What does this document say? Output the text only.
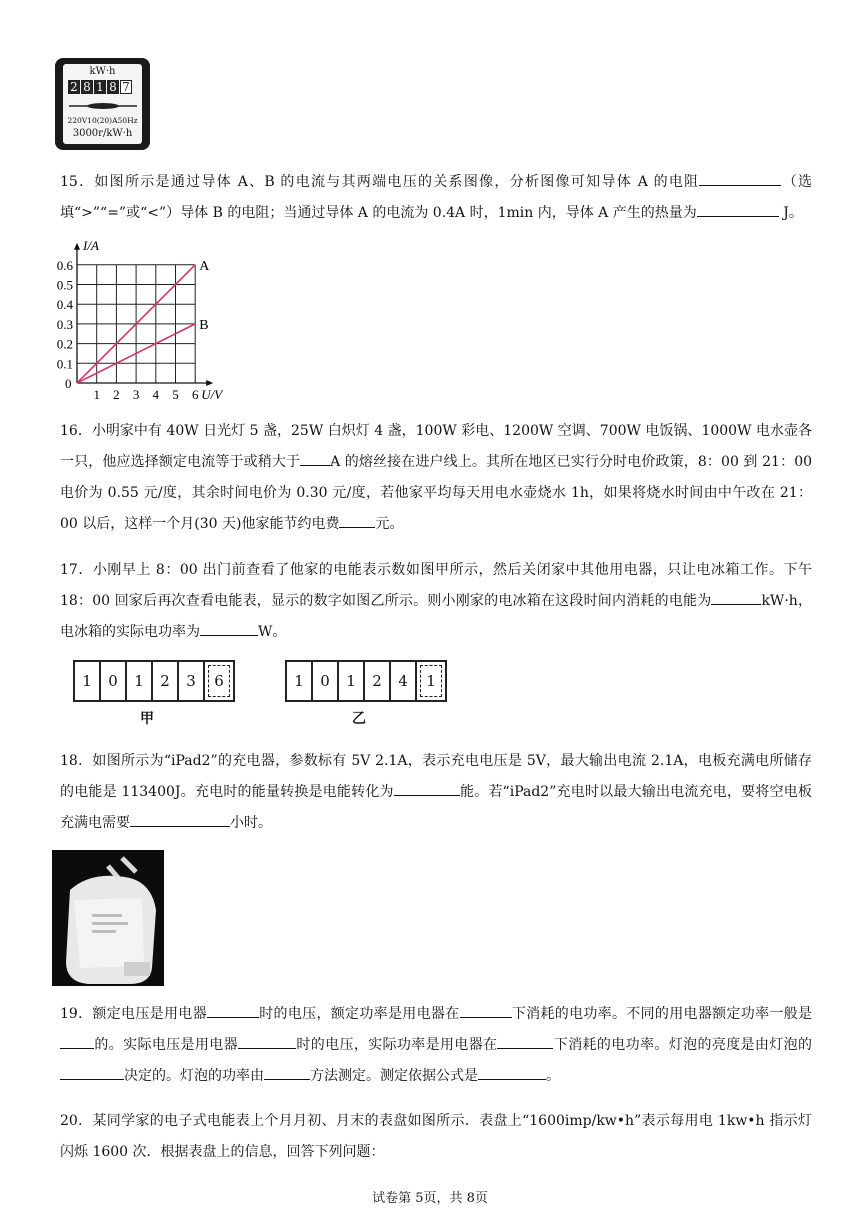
kW·h
2 8 1 8 7
220V10(20)A50Hz
3000r/kW·h
15．如图所示是通过导体 A、B 的电流与其两端电压的关系图像，分析图像可知导体 A 的电阻	（选填“>”“=”或“<”）导体 B 的电阻；当通过导体 A 的电流为 0.4A 时，1min 内，导体 A 产生的热量为	J。
1 2 3 4 5 6
0.1
0.2
0.3
0.4
0.5
0.6
0
U/V
I/A
A
B
16．小明家中有 40W 日光灯 5 盏，25W 白炽灯 4 盏，100W 彩电、1200W 空调、700W 电饭锅、1000W 电水壶各一只，他应选择额定电流等于或稍大于 A 的熔丝接在进户线上。其所在地区已实行分时电价政策，8：00 到 21：00 电价为 0.55 元/度，其余时间电价为 0.30 元/度，若他家平均每天用电水壶烧水 1h，如果将烧水时间由中午改在 21：00 以后，这样一个月(30 天)他家能节约电费	元。
17．小刚早上 8：00 出门前查看了他家的电能表示数如图甲所示，然后关闭家中其他用电器，只让电冰箱工作。下午 18：00 回家后再次查看电能表，显示的数字如图乙所示。则小刚家的电冰箱在这段时间内消耗的电能为	kW·h，电冰箱的实际电功率为	W。
1	0	1	2	3	6
甲
1	0	1	2	4	1
乙
18．如图所示为“iPad2”的充电器，参数标有 5V 2.1A，表示充电电压是 5V，最大输出电流 2.1A，电板充满电所储存的电能是 113400J。充电时的能量转换是电能转化为	能。若“iPad2”充电时以最大输出电流充电，要将空电板充满电需要	小时。
19．额定电压是用电器	时的电压，额定功率是用电器在	下消耗的电功率。不同的用电器额定功率一般是的。实际电压是用电器	时的电压，实际功率是用电器在	下消耗的电功率。灯泡的亮度是由灯泡的决定的。灯泡的功率由	方法测定。测定依据公式是	。
20．某同学家的电子式电能表上个月月初、月末的表盘如图所示．表盘上“1600imp/kw•h”表示每用电 1kw•h 指示灯闪烁 1600 次．根据表盘上的信息，回答下列问题：
试卷第 5页，共 8页
